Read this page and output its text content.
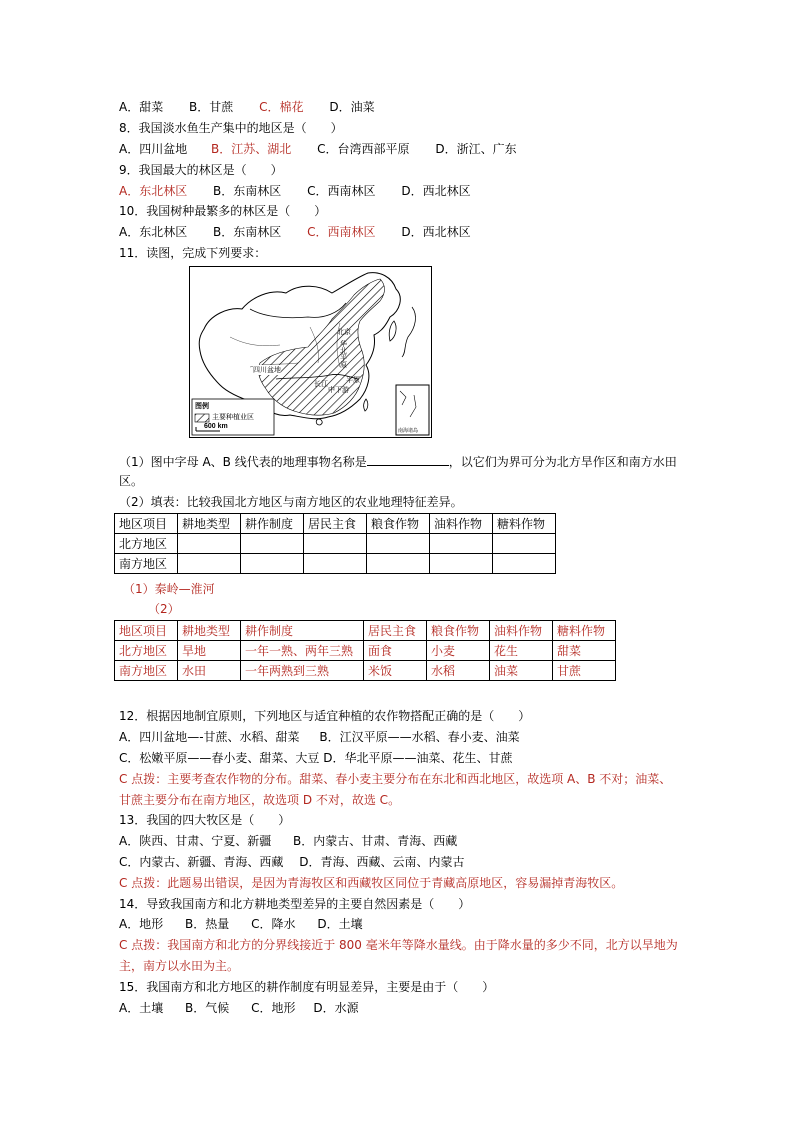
A．甜菜 B．甘蔗 C．棉花 D．油菜
8．我国淡水鱼生产集中的地区是（　　）
A．四川盆地 B．江苏、湖北 C．台湾西部平原 D．浙江、广东
9．我国最大的林区是（　　）
A．东北林区 B．东南林区 C．西南林区 D．西北林区
10．我国树种最繁多的林区是（　　）
A．东北林区 B．东南林区 C．西南林区 D．西北林区
11．读图，完成下列要求：
北京
华北平原
四川盆地
长江
中下游
平原
图例
主要种植业区
600 km
南海诸岛
（1）图中字母 A、B 线代表的地理事物名称是	，以它们为界可分为北方旱作区和南方水田
区。
（2）填表：比较我国北方地区与南方地区的农业地理特征差异。
地区项目	耕地类型	耕作制度	居民主食	粮食作物	油料作物	糖料作物
北方地区						
南方地区						
（1）秦岭—淮河
（2）
地区项目	耕地类型	耕作制度	居民主食	粮食作物	油料作物	糖料作物
北方地区	旱地	一年一熟、两年三熟	面食	小麦	花生	甜菜
南方地区	水田	一年两熟到三熟	米饭	水稻	油菜	甘蔗
12．根据因地制宜原则，下列地区与适宜种植的农作物搭配正确的是（　　）
A．四川盆地—-甘蔗、水稻、甜菜 B．江汉平原——水稻、春小麦、油菜
C．松嫩平原——春小麦、甜菜、大豆 D．华北平原——油菜、花生、甘蔗
C 点拨：主要考查农作物的分布。甜菜、春小麦主要分布在东北和西北地区，故选项 A、B 不对；油菜、
甘蔗主要分布在南方地区，故选项 D 不对，故选 C。
13．我国的四大牧区是（　　）
A．陕西、甘肃、宁夏、新疆 B．内蒙古、甘肃、青海、西藏
C．内蒙古、新疆、青海、西藏 D．青海、西藏、云南、内蒙古
C 点拨：此题易出错误，是因为青海牧区和西藏牧区同位于青藏高原地区，容易漏掉青海牧区。
14．导致我国南方和北方耕地类型差异的主要自然因素是（　　）
A．地形 B．热量 C．降水 D．土壤
C 点拨：我国南方和北方的分界线接近于 800 毫米年等降水量线。由于降水量的多少不同，北方以旱地为
主，南方以水田为主。
15．我国南方和北方地区的耕作制度有明显差异，主要是由于（　　）
A．土壤 B．气候 C．地形 D．水源
